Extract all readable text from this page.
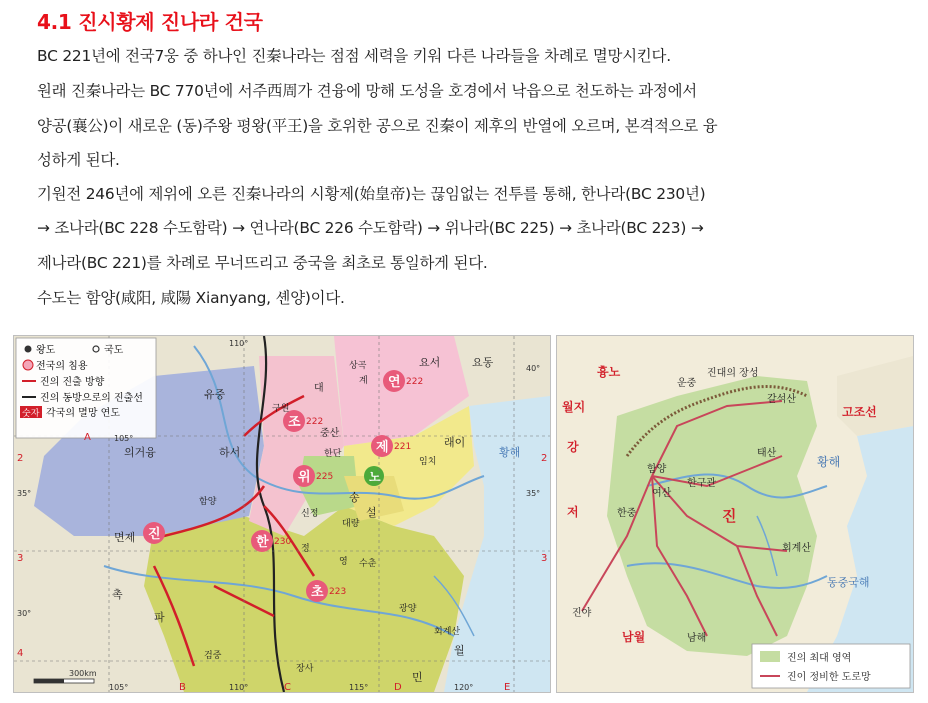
4.1 진시황제 진나라 건국
BC 221년에 전국7웅 중 하나인 진秦나라는 점점 세력을 키워 다른 나라들을 차례로 멸망시킨다.
원래 진秦나라는 BC 770년에 서주西周가 견융에 망해 도성을 호경에서 낙읍으로 천도하는 과정에서
양공(襄公)이 새로운 (동)주왕 평왕(平王)을 호위한 공으로 진秦이 제후의 반열에 오르며, 본격적으로 융
성하게 된다.
기원전 246년에 제위에 오른 진秦나라의 시황제(始皇帝)는 끊임없는 전투를 통해, 한나라(BC 230년)
→ 조나라(BC 228 수도함락) → 연나라(BC 226 수도함락) → 위나라(BC 225) → 초나라(BC 223) →
제나라(BC 221)를 차례로 무너뜨리고 중국을 최초로 통일하게 된다.
수도는 함양(咸阳, 咸陽 Xianyang, 셴양)이다.
왕도	국도
전국의 침용
진의 진출 방향
진의 동방으로의 진출선
숫자 각국의 멸망 연도
진
한 230
조 222
연 222
위 225
제 221
초 223
노
유중
의거융	하서
면제
파
촉
요서	요동
대
중산
송
설
래이
황해
계
한단
대량
영
정
함양
신정
임치
수춘
회계산
검중
장사
월
민
광양
구원
상곡
A
B	C	D	E
2
3
4
2
3
40°
35°	35°
30°
105°
105°
110°
110°	115°	120°
300km
흉노
월지
강
저
고조선
황해
동중국해
남월
진
운중
진대의 장성
갈석산
태산
함양
여산
한구관
한중
회계산
진야
남해
진의 최대 영역
진이 정비한 도로망
